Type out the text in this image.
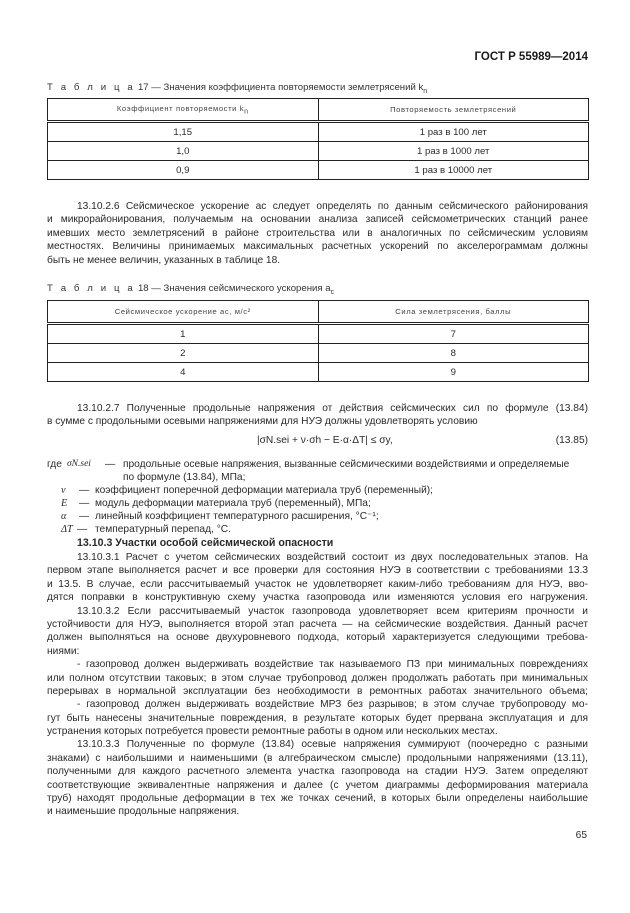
ГОСТ Р 55989—2014
Т а б л и ц а 17 — Значения коэффициента повторяемости землетрясений $k_n$
Коэффициент повторяемости $k_n$	Повторяемость землетрясений
1,15	1 раз в 100 лет
1,0	1 раз в 1000 лет
0,9	1 раз в 10000 лет
13.10.2.6 Сейсмическое ускорение aс следует определять по данным сейсмического районирования
и микрорайонирования, получаемым на основании анализа записей сейсмометрических станций ранее
имевших место землетрясений в районе строительства или в аналогичных по сейсмическим условиям
местностях. Величины принимаемых максимальных расчетных ускорений по акселерограммам должны
быть не менее величин, указанных в таблице 18.
Т а б л и ц а 18 — Значения сейсмического ускорения $a_c$
Сейсмическое ускорение aс, м/с²	Сила землетрясения, баллы
1	7
2	8
4	9
13.10.2.7 Полученные продольные напряжения от действия сейсмических сил по формуле (13.84)
в сумме с продольными осевыми напряжениями для НУЭ должны удовлетворять условию
|σN.sei + ν·σh − E·α·ΔT| ≤ σy,	(13.85)
где σN.sei — продольные осевые напряжения, вызванные сейсмическими воздействиями и определяемые
по формуле (13.84), МПа;
ν — коэффициент поперечной деформации материала труб (переменный);
E — модуль деформации материала труб (переменный), МПа;
α — линейный коэффициент температурного расширения, °С⁻¹;
ΔT — температурный перепад, °С.
13.10.3 Участки особой сейсмической опасности
13.10.3.1 Расчет с учетом сейсмических воздействий состоит из двух последовательных этапов. На
первом этапе выполняется расчет и все проверки для состояния НУЭ в соответствии с требованиями 13.3
и 13.5. В случае, если рассчитываемый участок не удовлетворяет каким-либо требованиям для НУЭ, вво-
дятся поправки в конструктивную схему участка газопровода или изменяются условия его нагружения.
13.10.3.2 Если рассчитываемый участок газопровода удовлетворяет всем критериям прочности и
устойчивости для НУЭ, выполняется второй этап расчета — на сейсмические воздействия. Данный расчет
должен выполняться на основе двухуровневого подхода, который характеризуется следующими требова-
ниями:
- газопровод должен выдерживать воздействие так называемого ПЗ при минимальных повреждениях
или полном отсутствии таковых; в этом случае трубопровод должен продолжать работать при минимальных
перерывах в нормальной эксплуатации без необходимости в ремонтных работах значительного объема;
- газопровод должен выдерживать воздействие МРЗ без разрывов; в этом случае трубопроводу мо-
гут быть нанесены значительные повреждения, в результате которых будет прервана эксплуатация и для
устранения которых потребуется провести ремонтные работы в одном или нескольких местах.
13.10.3.3 Полученные по формуле (13.84) осевые напряжения суммируют (поочередно с разными
знаками) с наибольшими и наименьшими (в алгебраическом смысле) продольными напряжениями (13.11),
полученными для каждого расчетного элемента участка газопровода на стадии НУЭ. Затем определяют
соответствующие эквивалентные напряжения и далее (с учетом диаграммы деформирования материала
труб) находят продольные деформации в тех же точках сечений, в которых были определены наибольшие
и наименьшие продольные напряжения.
65
